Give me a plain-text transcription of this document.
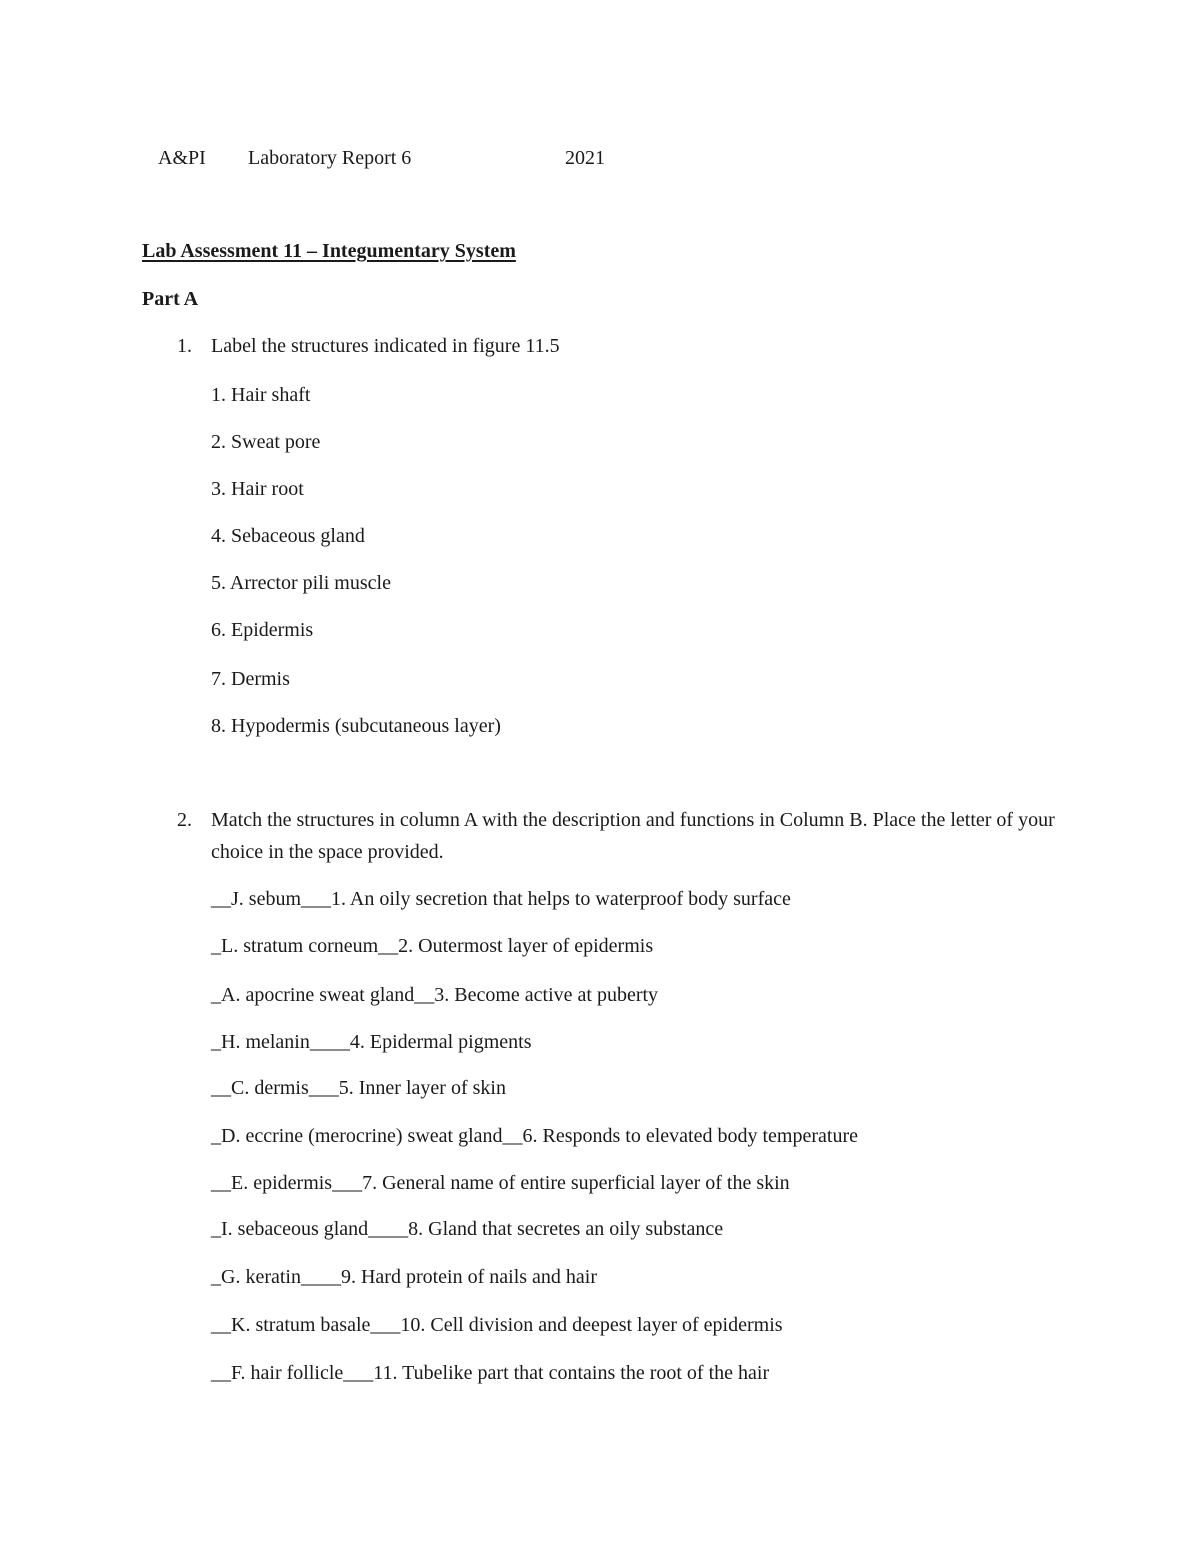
A&PI Laboratory Report 6	2021
Lab Assessment 11 – Integumentary System
Part A
1. Label the structures indicated in figure 11.5
1. Hair shaft
2. Sweat pore
3. Hair root
4. Sebaceous gland
5. Arrector pili muscle
6. Epidermis
7. Dermis
8. Hypodermis (subcutaneous layer)
2. Match the structures in column A with the description and functions in Column B. Place the letter of your choice in the space provided.
__J. sebum___1. An oily secretion that helps to waterproof body surface
_L. stratum corneum__2. Outermost layer of epidermis
_A. apocrine sweat gland__3. Become active at puberty
_H. melanin____4. Epidermal pigments
__C. dermis___5. Inner layer of skin
_D. eccrine (merocrine) sweat gland__6. Responds to elevated body temperature
__E. epidermis___7. General name of entire superficial layer of the skin
_I. sebaceous gland____8. Gland that secretes an oily substance
_G. keratin____9. Hard protein of nails and hair
__K. stratum basale___10. Cell division and deepest layer of epidermis
__F. hair follicle___11. Tubelike part that contains the root of the hair
